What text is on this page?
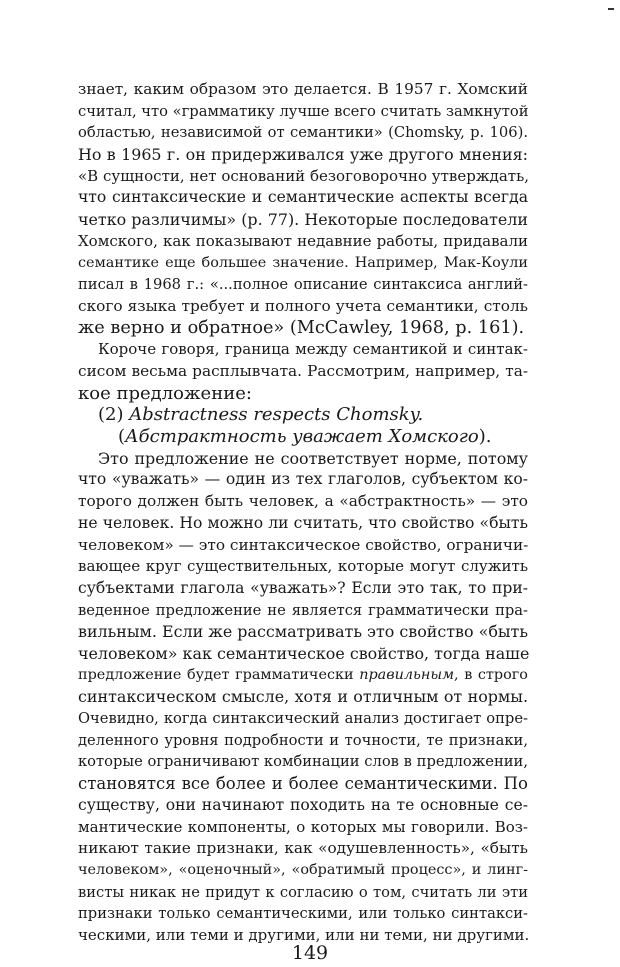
знает, каким образом это делается. В 1957 г. Хомский
считал, что «грамматику лучше всего считать замкнутой
областью, независимой от семантики» (Chomsky, p. 106).
Но в 1965 г. он придерживался уже другого мнения:
«В сущности, нет оснований безоговорочно утверждать,
что синтаксические и семантические аспекты всегда
четко различимы» (p. 77). Некоторые последователи
Хомского, как показывают недавние работы, придавали
семантике еще большее значение. Например, Мак-Коули
писал в 1968 г.: «...полное описание синтаксиса англий-
ского языка требует и полного учета семантики, столь
же верно и обратное» (McCawley, 1968, p. 161).
Короче говоря, граница между семантикой и синтак-
сисом весьма расплывчата. Рассмотрим, например, та-
кое предложение:
(2) Abstractness respects Chomsky.
(Абстрактность уважает Хомского).
Это предложение не соответствует норме, потому
что «уважать» — один из тех глаголов, субъектом ко-
торого должен быть человек, а «абстрактность» — это
не человек. Но можно ли считать, что свойство «быть
человеком» — это синтаксическое свойство, ограничи-
вающее круг существительных, которые могут служить
субъектами глагола «уважать»? Если это так, то при-
веденное предложение не является грамматически пра-
вильным. Если же рассматривать это свойство «быть
человеком» как семантическое свойство, тогда наше
предложение будет грамматически правильным, в строго
синтаксическом смысле, хотя и отличным от нормы.
Очевидно, когда синтаксический анализ достигает опре-
деленного уровня подробности и точности, те признаки,
которые ограничивают комбинации слов в предложении,
становятся все более и более семантическими. По
существу, они начинают походить на те основные се-
мантические компоненты, о которых мы говорили. Воз-
никают такие признаки, как «одушевленность», «быть
человеком», «оценочный», «обратимый процесс», и линг-
висты никак не придут к согласию о том, считать ли эти
признаки только семантическими, или только синтакси-
ческими, или теми и другими, или ни теми, ни другими.
149
